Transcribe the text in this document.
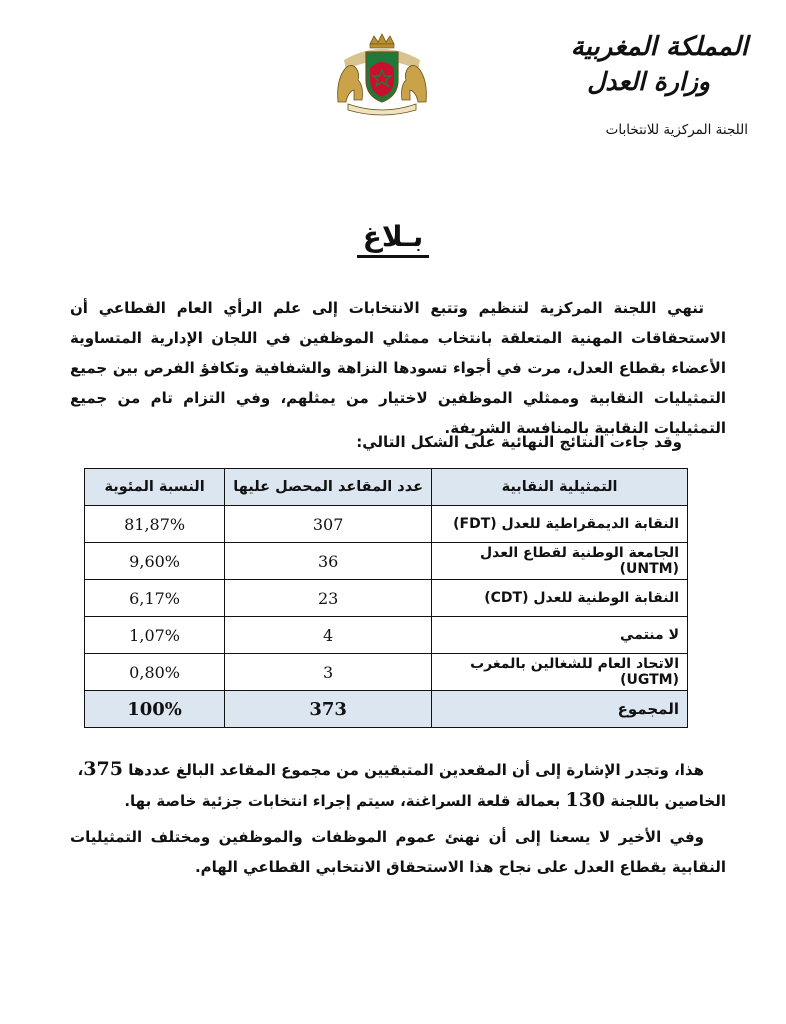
المملكة المغربية
وزارة العدل
اللجنة المركزية للانتخابات
بـلاغ

تنهي اللجنة المركزية لتنظيم وتتبع الانتخابات إلى علم الرأي العام القطاعي أن الاستحقاقات المهنية المتعلقة بانتخاب ممثلي الموظفين في اللجان الإدارية المتساوية الأعضاء بقطاع العدل، مرت في أجواء تسودها النزاهة والشفافية وتكافؤ الفرص بين جميع التمثيليات النقابية وممثلي الموظفين لاختيار من يمثلهم، وفي التزام تام من جميع التمثيليات النقابية بالمنافسة الشريفة.

وقد جاءت النتائج النهائية على الشكل التالي:
التمثيلية النقابية	عدد المقاعد المحصل عليها	النسبة المئوية
النقابة الديمقراطية للعدل (FDT)	307	81,87%
الجامعة الوطنية لقطاع العدل (UNTM)	36	9,60%
النقابة الوطنية للعدل (CDT)	23	6,17%
لا منتمي	4	1,07%
الاتحاد العام للشغالين بالمغرب (UGTM)	3	0,80%
المجموع	373	100%

هذا، وتجدر الإشارة إلى أن المقعدين المتبقيين من مجموع المقاعد البالغ عددها 375،

الخاصين باللجنة 130 بعمالة قلعة السراغنة، سيتم إجراء انتخابات جزئية خاصة بها.

وفي الأخير لا يسعنا إلى أن نهنئ عموم الموظفات والموظفين ومختلف التمثيليات النقابية بقطاع العدل على نجاح هذا الاستحقاق الانتخابي القطاعي الهام.
